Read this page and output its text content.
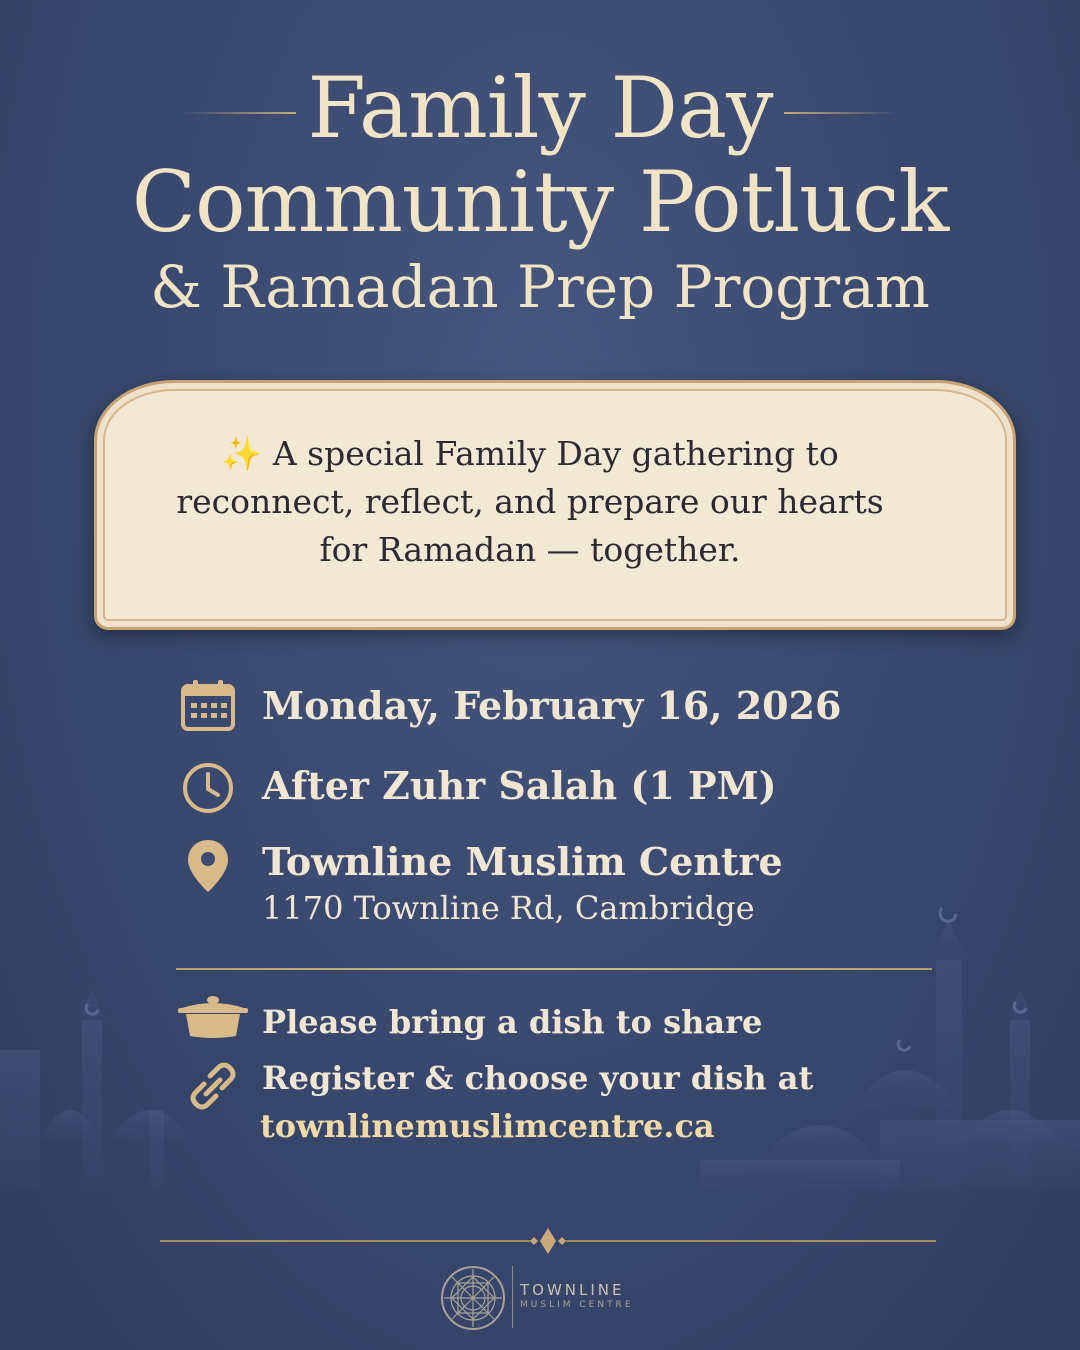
Family Day
Community Potluck
& Ramadan Prep Program
✨ A special Family Day gathering to
reconnect, reflect, and prepare our hearts
for Ramadan — together.
Monday, February 16, 2026
After Zuhr Salah (1 PM)
Townline Muslim Centre
1170 Townline Rd, Cambridge
Please bring a dish to share
Register & choose your dish at
townlinemuslimcentre.ca
TOWNLINE
MUSLIM CENTRE
